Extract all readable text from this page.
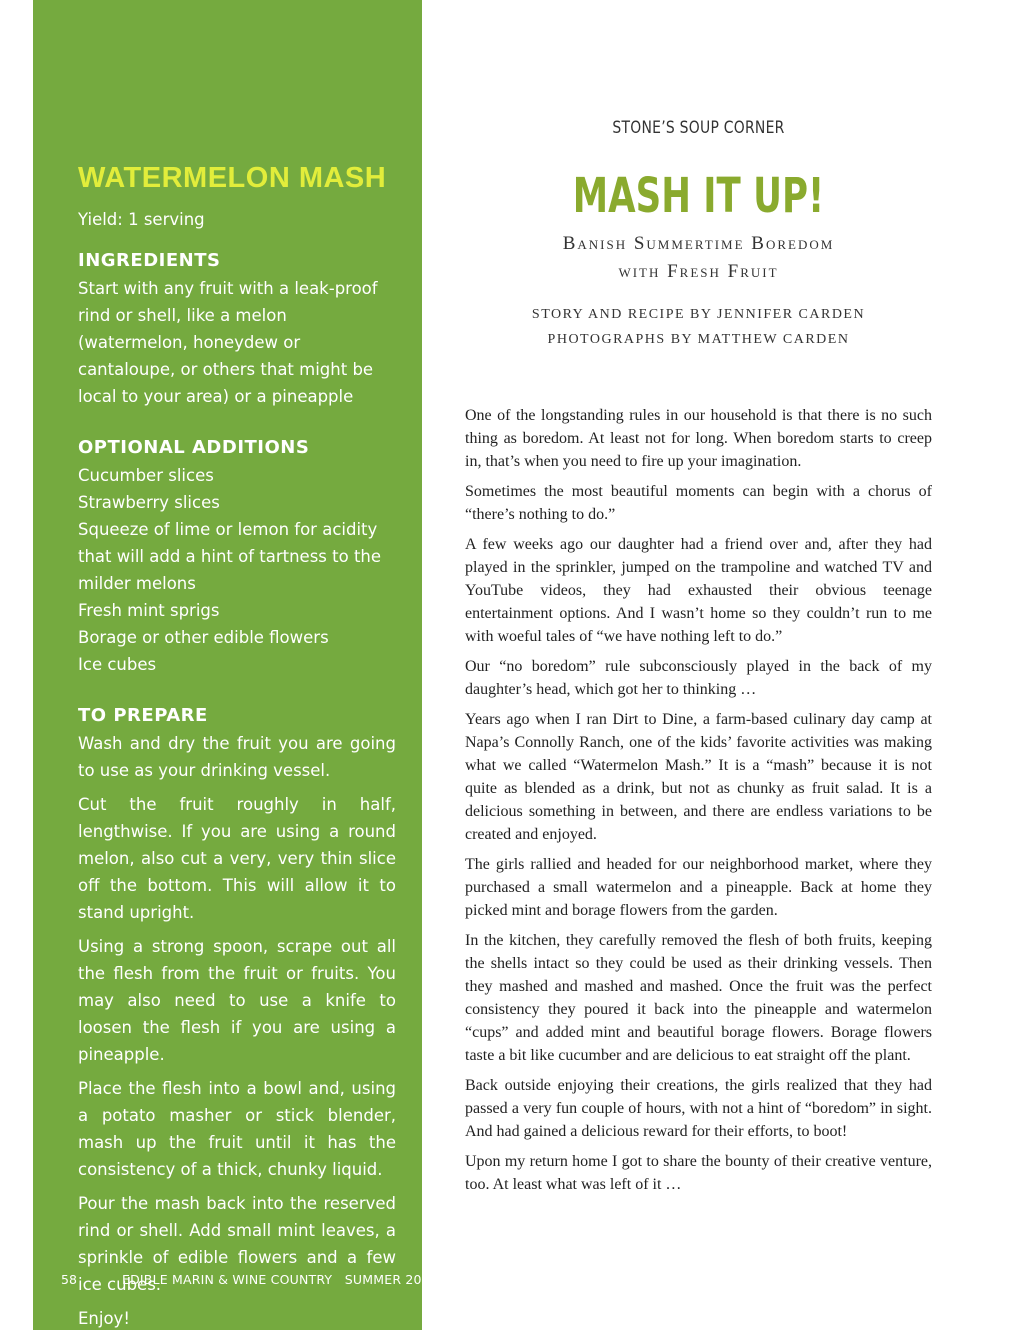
WATERMELON MASH
Yield: 1 serving
INGREDIENTS
Start with any fruit with a leak-proof rind or shell, like a melon (watermelon, honeydew or cantaloupe, or others that might be local to your area) or a pineapple
OPTIONAL ADDITIONS
Cucumber slices
Strawberry slices
Squeeze of lime or lemon for acidity that will add a hint of tartness to the milder melons
Fresh mint sprigs
Borage or other edible flowers
Ice cubes
TO PREPARE

Wash and dry the fruit you are going to use as your drinking vessel.

Cut the fruit roughly in half, lengthwise. If you are using a round melon, also cut a very, very thin slice off the bottom. This will allow it to stand upright.

Using a strong spoon, scrape out all the flesh from the fruit or fruits. You may also need to use a knife to loosen the flesh if you are using a pineapple.

Place the flesh into a bowl and, using a potato masher or stick blender, mash up the fruit until it has the consistency of a thick, chunky liquid.

Pour the mash back into the reserved rind or shell. Add small mint leaves, a sprinkle of edible flowers and a few ice cubes.

Enjoy!

58	EDIBLE MARIN & WINE COUNTRY   SUMMER 2017
STONE’S SOUP CORNER
MASH IT UP!
Banish Summertime Boredom
with Fresh Fruit
STORY AND RECIPE BY JENNIFER CARDEN
PHOTOGRAPHS BY MATTHEW CARDEN

One of the longstanding rules in our household is that there is no such thing as boredom. At least not for long. When boredom starts to creep in, that’s when you need to fire up your imagination.

Sometimes the most beautiful moments can begin with a chorus of “there’s nothing to do.”

A few weeks ago our daughter had a friend over and, after they had played in the sprinkler, jumped on the trampoline and watched TV and YouTube videos, they had exhausted their obvious teenage entertainment options. And I wasn’t home so they couldn’t run to me with woeful tales of “we have nothing left to do.”

Our “no boredom” rule subconsciously played in the back of my daughter’s head, which got her to thinking …

Years ago when I ran Dirt to Dine, a farm-based culinary day camp at Napa’s Connolly Ranch, one of the kids’ favorite activities was making what we called “Watermelon Mash.” It is a “mash” because it is not quite as blended as a drink, but not as chunky as fruit salad. It is a delicious something in between, and there are endless variations to be created and enjoyed.

The girls rallied and headed for our neighborhood market, where they purchased a small watermelon and a pineapple. Back at home they picked mint and borage flowers from the garden.

In the kitchen, they carefully removed the flesh of both fruits, keeping the shells intact so they could be used as their drinking vessels. Then they mashed and mashed and mashed. Once the fruit was the perfect consistency they poured it back into the pineapple and watermelon “cups” and added mint and beautiful borage flowers. Borage flowers taste a bit like cucumber and are delicious to eat straight off the plant.

Back outside enjoying their creations, the girls realized that they had passed a very fun couple of hours, with not a hint of “boredom” in sight. And had gained a delicious reward for their efforts, to boot!

Upon my return home I got to share the bounty of their creative venture, too. At least what was left of it …
